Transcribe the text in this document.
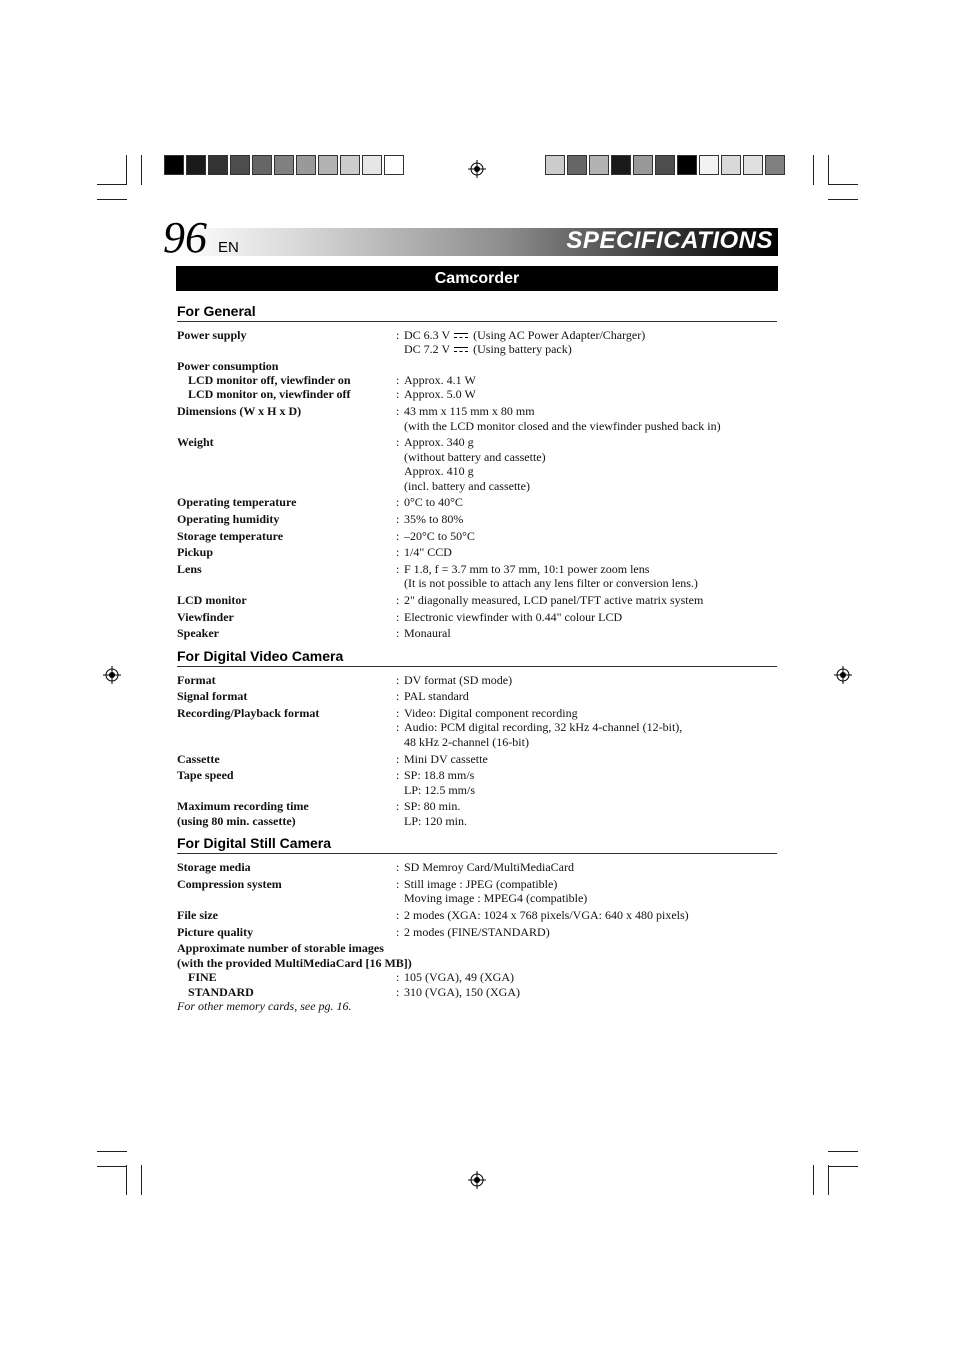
96 EN	SPECIFICATIONS
Camcorder
For General
Power supply	: DC 6.3 V (Using AC Power Adapter/Charger)
DC 7.2 V (Using battery pack)
Power consumption
LCD monitor off, viewfinder on	: Approx. 4.1 W
LCD monitor on, viewfinder off	: Approx. 5.0 W
Dimensions (W x H x D)	: 43 mm x 115 mm x 80 mm
(with the LCD monitor closed and the viewfinder pushed back in)
Weight	: Approx. 340 g
(without battery and cassette)
Approx. 410 g
(incl. battery and cassette)
Operating temperature	: 0°C to 40°C
Operating humidity	: 35% to 80%
Storage temperature	: –20°C to 50°C
Pickup	: 1/4" CCD
Lens	: F 1.8, f = 3.7 mm to 37 mm, 10:1 power zoom lens
(It is not possible to attach any lens filter or conversion lens.)
LCD monitor	: 2" diagonally measured, LCD panel/TFT active matrix system
Viewfinder	: Electronic viewfinder with 0.44" colour LCD
Speaker	: Monaural
For Digital Video Camera
Format	: DV format (SD mode)
Signal format	: PAL standard
Recording/Playback format	: Video: Digital component recording
: Audio: PCM digital recording, 32 kHz 4-channel (12-bit),
48 kHz 2-channel (16-bit)
Cassette	: Mini DV cassette
Tape speed	: SP: 18.8 mm/s
LP: 12.5 mm/s
Maximum recording time
(using 80 min. cassette)
: SP: 80 min.
LP: 120 min.
For Digital Still Camera
Storage media	: SD Memroy Card/MultiMediaCard
Compression system	: Still image : JPEG (compatible)
Moving image : MPEG4 (compatible)
File size	: 2 modes (XGA: 1024 x 768 pixels/VGA: 640 x 480 pixels)
Picture quality	: 2 modes (FINE/STANDARD)
Approximate number of storable images
(with the provided MultiMediaCard [16 MB])
FINE	: 105 (VGA), 49 (XGA)
STANDARD	: 310 (VGA), 150 (XGA)
For other memory cards, see pg. 16.
